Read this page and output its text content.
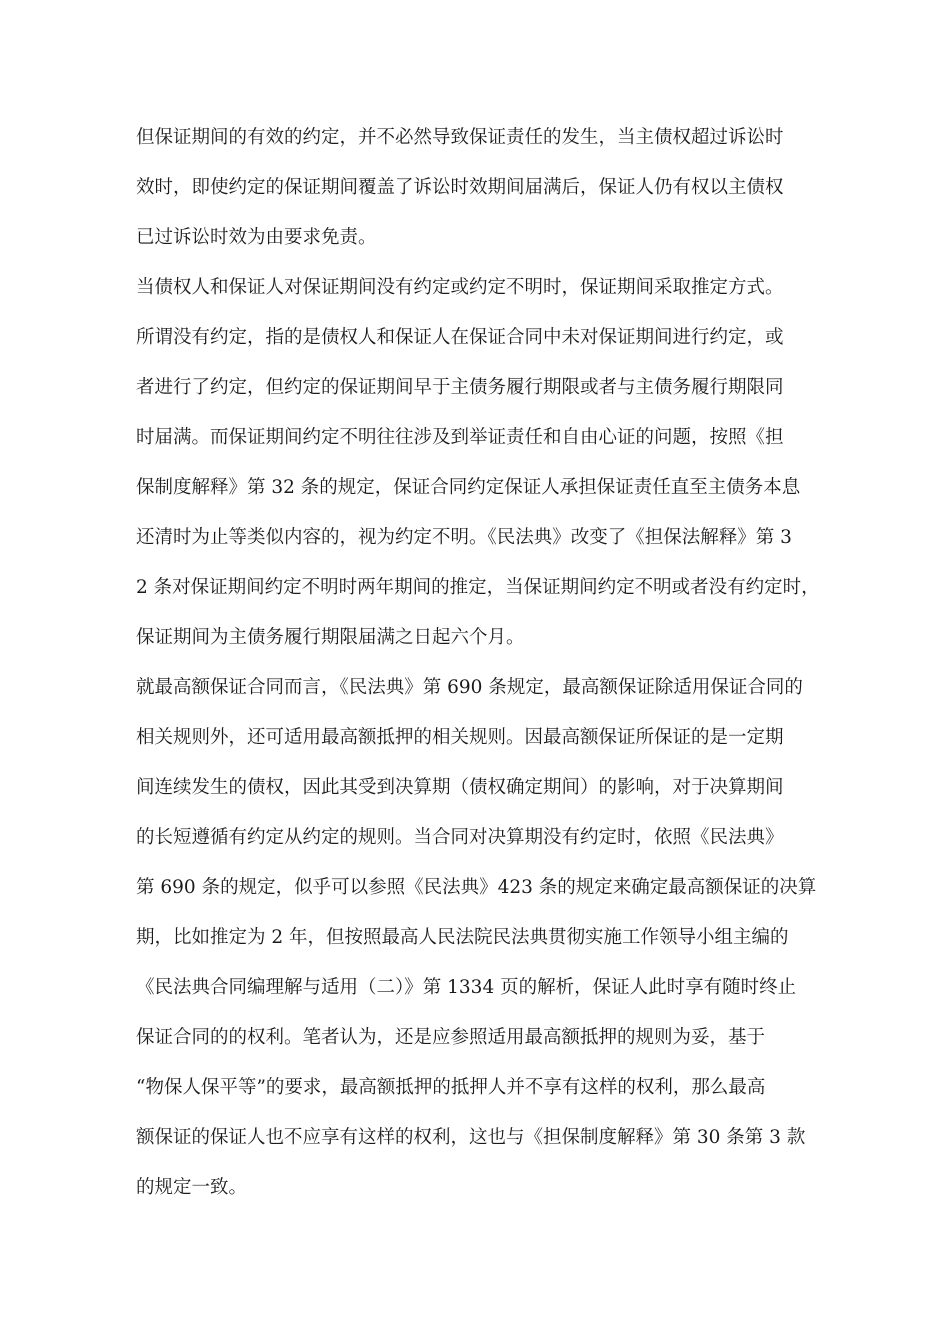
但保证期间的有效的约定，并不必然导致保证责任的发生，当主债权超过诉讼时
效时，即使约定的保证期间覆盖了诉讼时效期间届满后，保证人仍有权以主债权
已过诉讼时效为由要求免责。
当债权人和保证人对保证期间没有约定或约定不明时，保证期间采取推定方式。
所谓没有约定，指的是债权人和保证人在保证合同中未对保证期间进行约定，或
者进行了约定，但约定的保证期间早于主债务履行期限或者与主债务履行期限同
时届满。而保证期间约定不明往往涉及到举证责任和自由心证的问题，按照《担
保制度解释》第 32 条的规定，保证合同约定保证人承担保证责任直至主债务本息
还清时为止等类似内容的，视为约定不明。《民法典》改变了《担保法解释》第 3
2 条对保证期间约定不明时两年期间的推定，当保证期间约定不明或者没有约定时，
保证期间为主债务履行期限届满之日起六个月。
就最高额保证合同而言，《民法典》第 690 条规定，最高额保证除适用保证合同的
相关规则外，还可适用最高额抵押的相关规则。因最高额保证所保证的是一定期
间连续发生的债权，因此其受到决算期（债权确定期间）的影响，对于决算期间
的长短遵循有约定从约定的规则。当合同对决算期没有约定时，依照《民法典》
第 690 条的规定，似乎可以参照《民法典》423 条的规定来确定最高额保证的决算
期，比如推定为 2 年，但按照最高人民法院民法典贯彻实施工作领导小组主编的
《民法典合同编理解与适用（二）》第 1334 页的解析，保证人此时享有随时终止
保证合同的的权利。笔者认为，还是应参照适用最高额抵押的规则为妥，基于
“物保人保平等”的要求，最高额抵押的抵押人并不享有这样的权利，那么最高
额保证的保证人也不应享有这样的权利，这也与《担保制度解释》第 30 条第 3 款
的规定一致。
